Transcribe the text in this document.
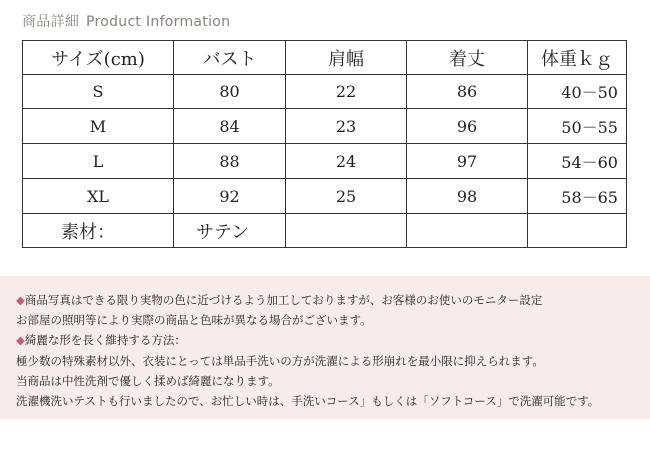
商品詳細 Product Information
サイズ(cm)	バスト	肩幅	着丈	体重ｋｇ
S	80	22	86	40－50
M	84	23	96	50－55
L	88	24	97	54－60
XL	92	25	98	58－65
素材：	サテン			
◆商品写真はできる限り実物の色に近づけるよう加工しておりますが、お客様のお使いのモニター設定
お部屋の照明等により実際の商品と色味が異なる場合がございます。
◆綺麗な形を長く維持する方法：
極少数の特殊素材以外、衣装にとっては単品手洗いの方が洗濯による形崩れを最小限に抑えられます。
当商品は中性洗剤で優しく揉めば綺麗になります。
洗濯機洗いテストも行いましたので、お忙しい時は、手洗いコース」もしくは「ソフトコース」で洗濯可能です。
